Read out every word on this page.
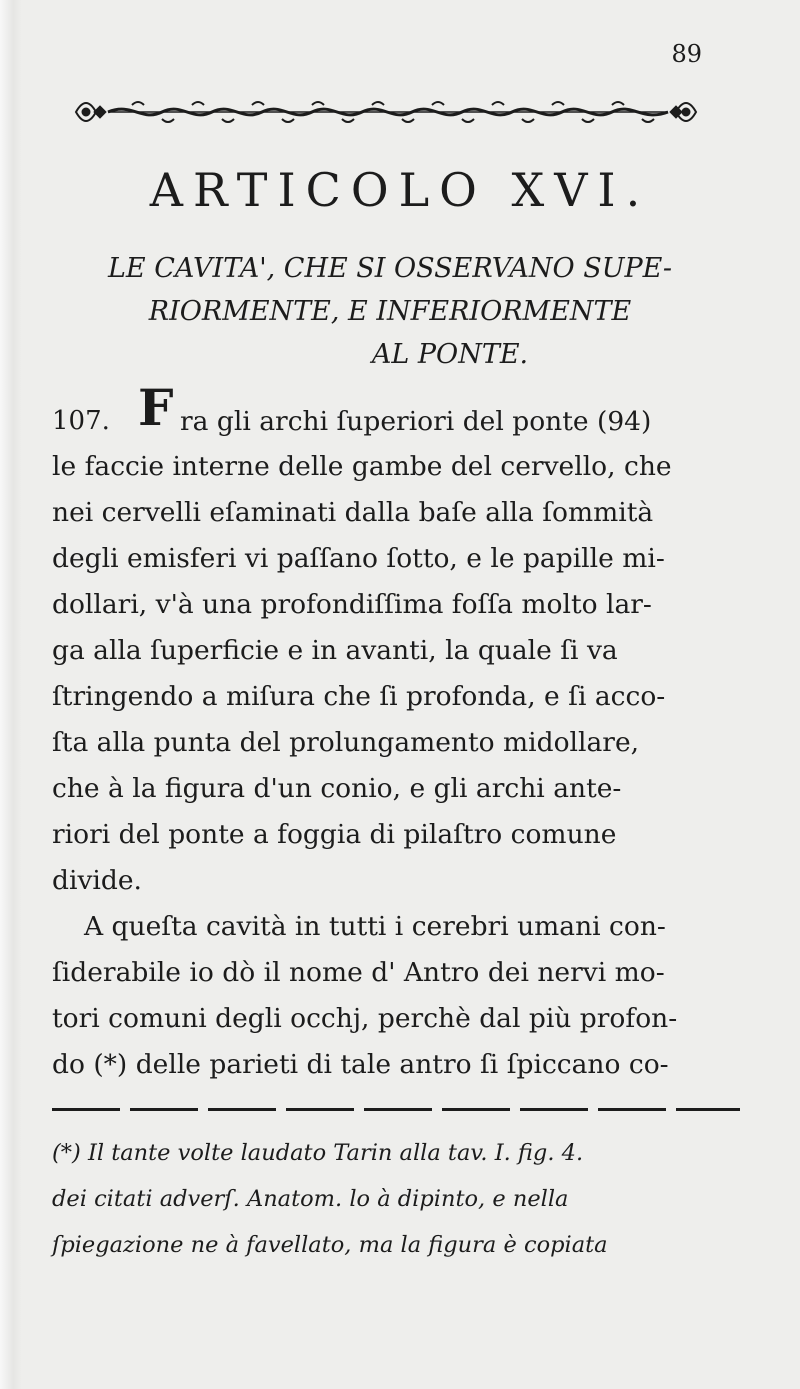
89
ARTICOLO XVI.
LE CAVITA', CHE SI OSSERVANO SUPE-
RIORMENTE, E INFERIORMENTE
AL PONTE.
107. F ra gli archi ſuperiori del ponte (94)
le faccie interne delle gambe del cervello, che
nei cervelli eſaminati dalla baſe alla ſommità
degli emisferi vi paſſano ſotto, e le papille mi-
dollari, v'à una profondiſſima foſſa molto lar-
ga alla ſuperficie e in avanti, la quale ſi va
ſtringendo a miſura che ſi profonda, e ſi acco-
ſta alla punta del prolungamento midollare,
che à la figura d'un conio, e gli archi ante-
riori del ponte a foggia di pilaſtro comune
divide.
A queſta cavità in tutti i cerebri umani con-
ſiderabile io dò il nome d' Antro dei nervi mo-
tori comuni degli occhj, perchè dal più profon-
do (*) delle parieti di tale antro ſi ſpiccano co-
(*) Il tante volte laudato Tarin alla tav. I. fig. 4.
dei citati adverſ. Anatom. lo à dipinto, e nella
ſpiegazione ne à favellato, ma la figura è copiata
